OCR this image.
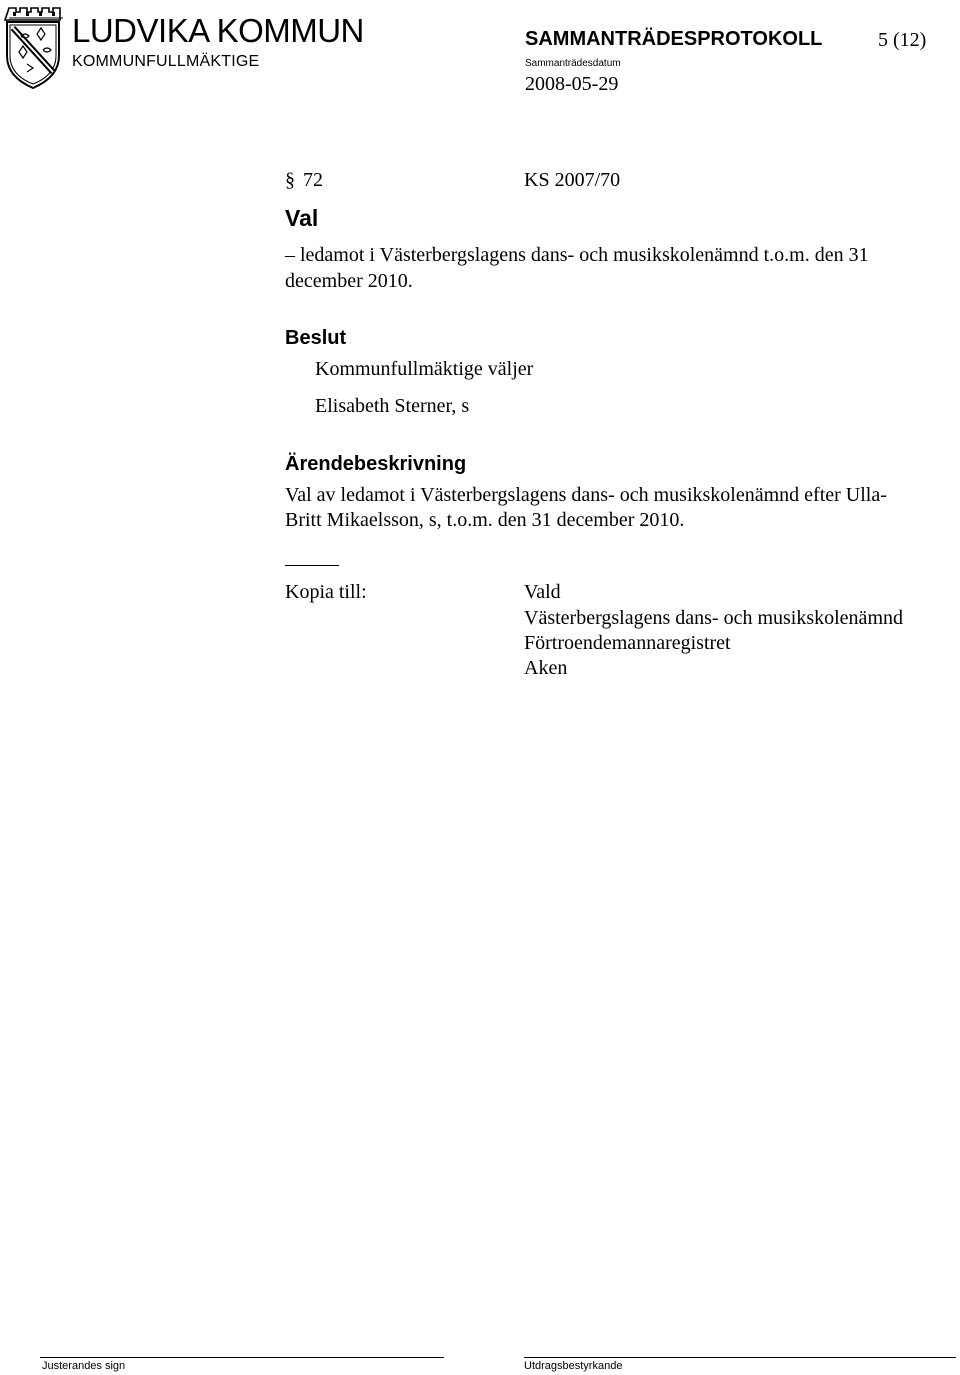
LUDVIKA KOMMUN
KOMMUNFULLMÄKTIGE
SAMMANTRÄDESPROTOKOLL	5 (12)
Sammanträdesdatum
2008-05-29
§ 72	KS 2007/70
Val
– ledamot i Västerbergslagens dans- och musikskolenämnd t.o.m. den 31
december 2010.
Beslut
Kommunfullmäktige väljer
Elisabeth Sterner, s
Ärendebeskrivning
Val av ledamot i Västerbergslagens dans- och musikskolenämnd efter Ulla-
Britt Mikaelsson, s, t.o.m. den 31 december 2010.
Kopia till:	Vald
Västerbergslagens dans- och musikskolenämnd
Förtroendemannaregistret
Aken
Justerandes sign	Utdragsbestyrkande
